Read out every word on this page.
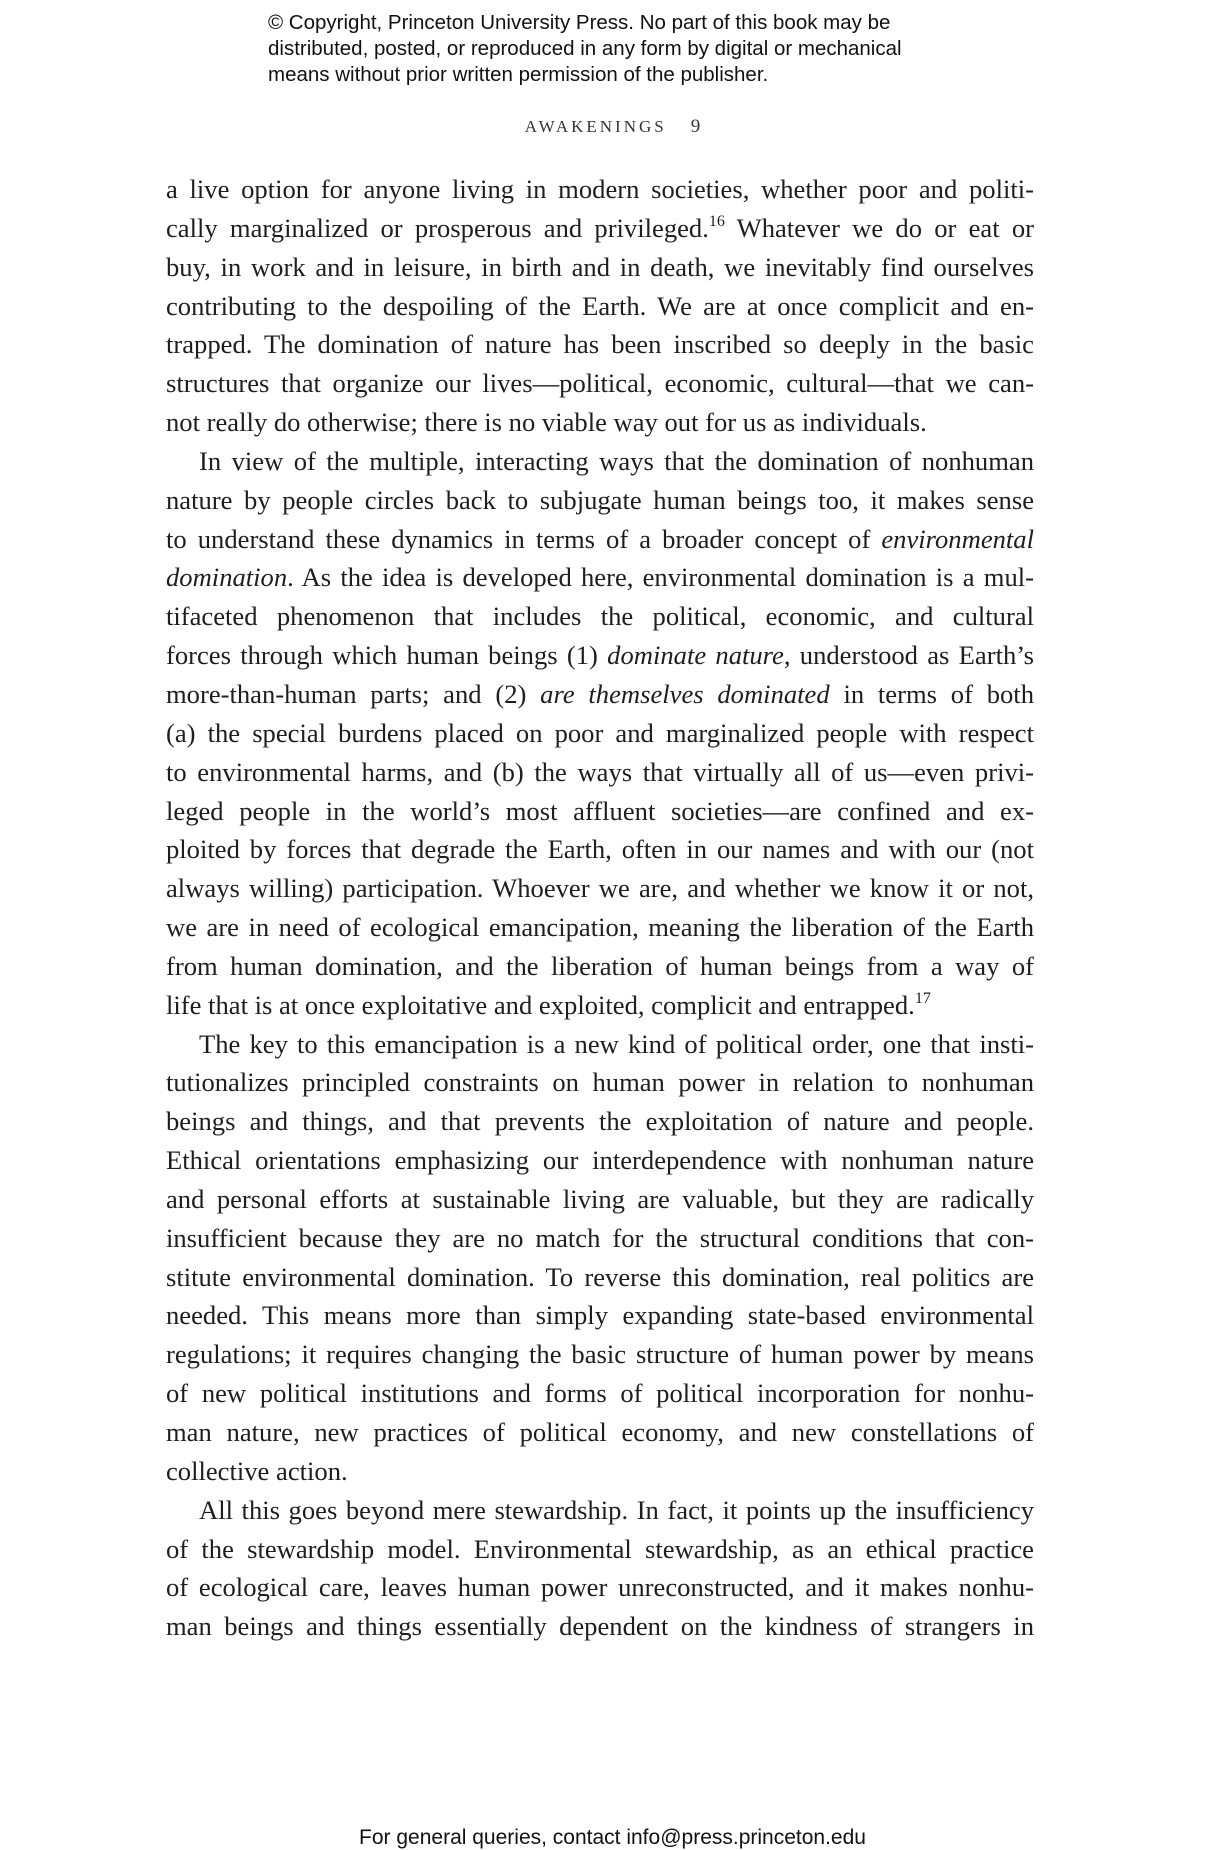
© Copyright, Princeton University Press. No part of this book may be
distributed, posted, or reproduced in any form by digital or mechanical
means without prior written permission of the publisher.
AWAKENINGS 9
a live option for anyone living in modern societies, whether poor and politi-
cally marginalized or prosperous and privileged.$^{16}$ Whatever we do or eat or
buy, in work and in leisure, in birth and in death, we inevitably find ourselves
contributing to the despoiling of the Earth. We are at once complicit and en-
trapped. The domination of nature has been inscribed so deeply in the basic
structures that organize our lives—political, economic, cultural—that we can-
not really do otherwise; there is no viable way out for us as individuals.
In view of the multiple, interacting ways that the domination of nonhuman
nature by people circles back to subjugate human beings too, it makes sense
to understand these dynamics in terms of a broader concept of environmental
domination. As the idea is developed here, environmental domination is a mul-
tifaceted phenomenon that includes the political, economic, and cultural
forces through which human beings (1) dominate nature, understood as Earth’s
more-than-human parts; and (2) are themselves dominated in terms of both
(a) the special burdens placed on poor and marginalized people with respect
to environmental harms, and (b) the ways that virtually all of us—even privi-
leged people in the world’s most affluent societies—are confined and ex-
ploited by forces that degrade the Earth, often in our names and with our (not
always willing) participation. Whoever we are, and whether we know it or not,
we are in need of ecological emancipation, meaning the liberation of the Earth
from human domination, and the liberation of human beings from a way of
life that is at once exploitative and exploited, complicit and entrapped.$^{17}$
The key to this emancipation is a new kind of political order, one that insti-
tutionalizes principled constraints on human power in relation to nonhuman
beings and things, and that prevents the exploitation of nature and people.
Ethical orientations emphasizing our interdependence with nonhuman nature
and personal efforts at sustainable living are valuable, but they are radically
insufficient because they are no match for the structural conditions that con-
stitute environmental domination. To reverse this domination, real politics are
needed. This means more than simply expanding state-based environmental
regulations; it requires changing the basic structure of human power by means
of new political institutions and forms of political incorporation for nonhu-
man nature, new practices of political economy, and new constellations of
collective action.
All this goes beyond mere stewardship. In fact, it points up the insufficiency
of the stewardship model. Environmental stewardship, as an ethical practice
of ecological care, leaves human power unreconstructed, and it makes nonhu-
man beings and things essentially dependent on the kindness of strangers in
For general queries, contact info@press.princeton.edu
